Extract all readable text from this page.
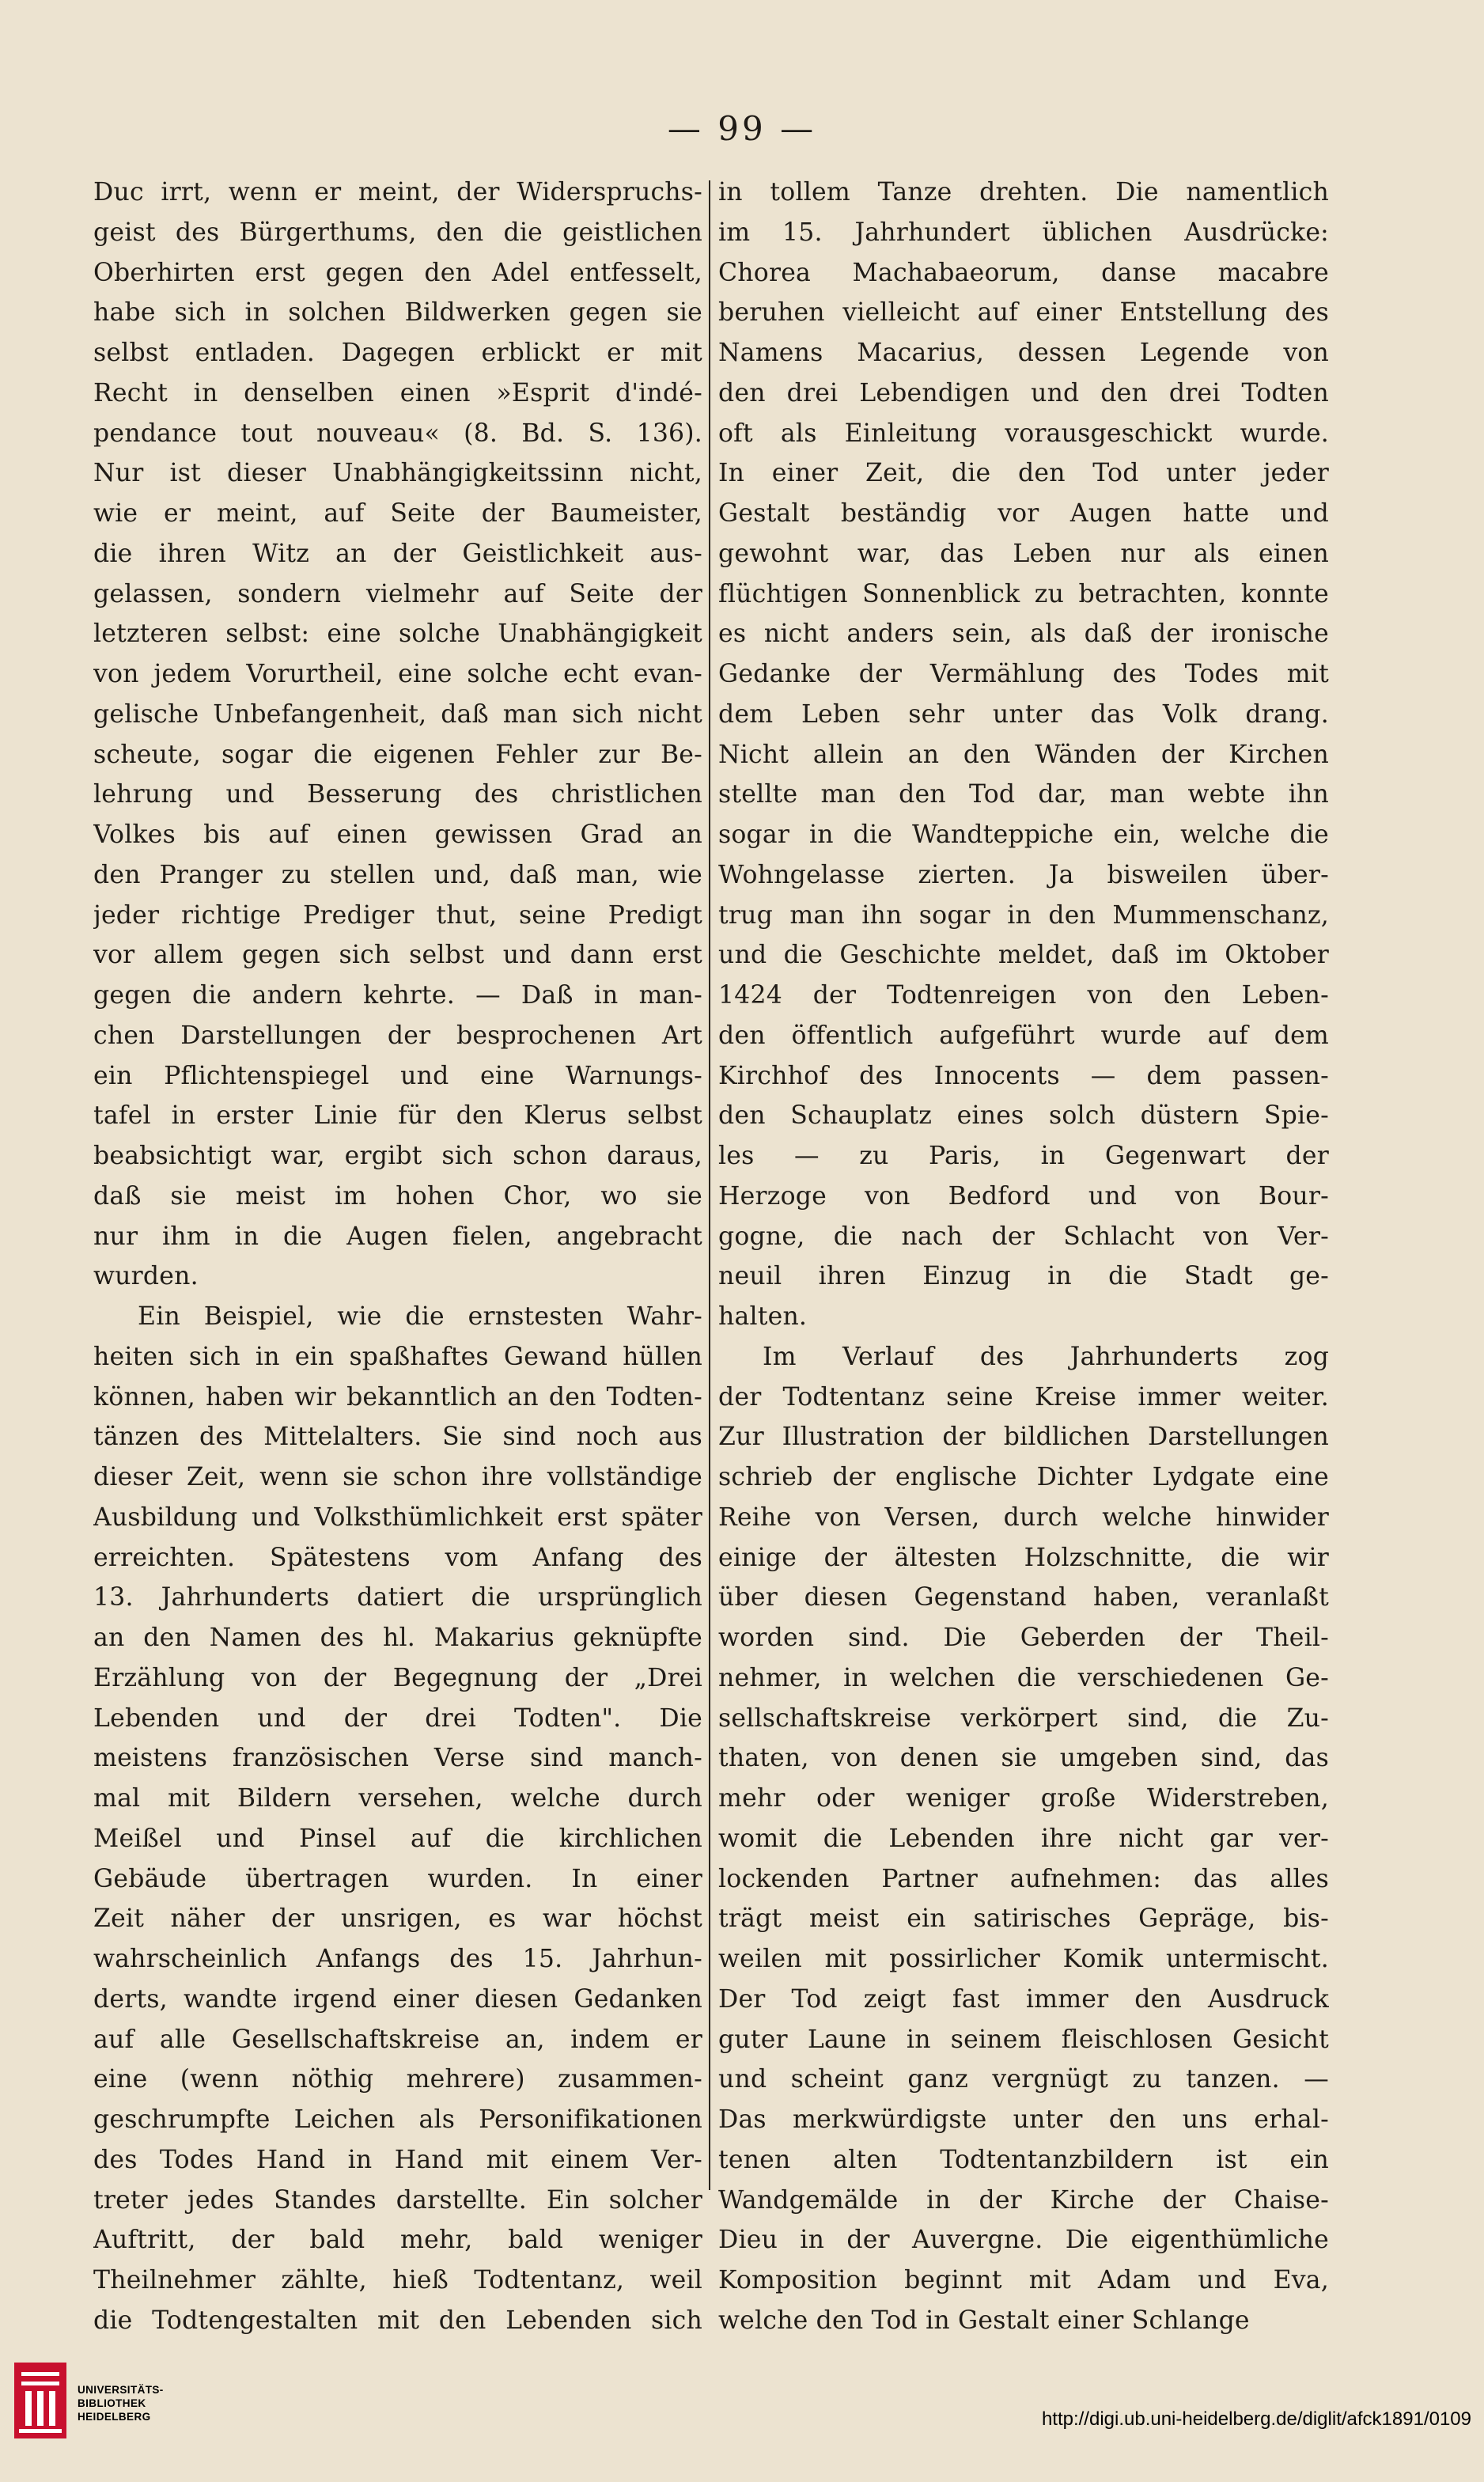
— 99 —
Duc irrt, wenn er meint, der Widerspruchs-
geist des Bürgerthums, den die geistlichen
Oberhirten erst gegen den Adel entfesselt,
habe sich in solchen Bildwerken gegen sie
selbst entladen. Dagegen erblickt er mit
Recht in denselben einen »Esprit d'indé-
pendance tout nouveau« (8. Bd. S. 136).
Nur ist dieser Unabhängigkeitssinn nicht,
wie er meint, auf Seite der Baumeister,
die ihren Witz an der Geistlichkeit aus-
gelassen, sondern vielmehr auf Seite der
letzteren selbst: eine solche Unabhängigkeit
von jedem Vorurtheil, eine solche echt evan-
gelische Unbefangenheit, daß man sich nicht
scheute, sogar die eigenen Fehler zur Be-
lehrung und Besserung des christlichen
Volkes bis auf einen gewissen Grad an
den Pranger zu stellen und, daß man, wie
jeder richtige Prediger thut, seine Predigt
vor allem gegen sich selbst und dann erst
gegen die andern kehrte. — Daß in man-
chen Darstellungen der besprochenen Art
ein Pflichtenspiegel und eine Warnungs-
tafel in erster Linie für den Klerus selbst
beabsichtigt war, ergibt sich schon daraus,
daß sie meist im hohen Chor, wo sie
nur ihm in die Augen fielen, angebracht
wurden.
Ein Beispiel, wie die ernstesten Wahr-
heiten sich in ein spaßhaftes Gewand hüllen
können, haben wir bekanntlich an den Todten-
tänzen des Mittelalters. Sie sind noch aus
dieser Zeit, wenn sie schon ihre vollständige
Ausbildung und Volksthümlichkeit erst später
erreichten. Spätestens vom Anfang des
13. Jahrhunderts datiert die ursprünglich
an den Namen des hl. Makarius geknüpfte
Erzählung von der Begegnung der „Drei
Lebenden und der drei Todten". Die
meistens französischen Verse sind manch-
mal mit Bildern versehen, welche durch
Meißel und Pinsel auf die kirchlichen
Gebäude übertragen wurden. In einer
Zeit näher der unsrigen, es war höchst
wahrscheinlich Anfangs des 15. Jahrhun-
derts, wandte irgend einer diesen Gedanken
auf alle Gesellschaftskreise an, indem er
eine (wenn nöthig mehrere) zusammen-
geschrumpfte Leichen als Personifikationen
des Todes Hand in Hand mit einem Ver-
treter jedes Standes darstellte. Ein solcher
Auftritt, der bald mehr, bald weniger
Theilnehmer zählte, hieß Todtentanz, weil
die Todtengestalten mit den Lebenden sich
in tollem Tanze drehten. Die namentlich
im 15. Jahrhundert üblichen Ausdrücke:
Chorea Machabaeorum, danse macabre
beruhen vielleicht auf einer Entstellung des
Namens Macarius, dessen Legende von
den drei Lebendigen und den drei Todten
oft als Einleitung vorausgeschickt wurde.
In einer Zeit, die den Tod unter jeder
Gestalt beständig vor Augen hatte und
gewohnt war, das Leben nur als einen
flüchtigen Sonnenblick zu betrachten, konnte
es nicht anders sein, als daß der ironische
Gedanke der Vermählung des Todes mit
dem Leben sehr unter das Volk drang.
Nicht allein an den Wänden der Kirchen
stellte man den Tod dar, man webte ihn
sogar in die Wandteppiche ein, welche die
Wohngelasse zierten. Ja bisweilen über-
trug man ihn sogar in den Mummenschanz,
und die Geschichte meldet, daß im Oktober
1424 der Todtenreigen von den Leben-
den öffentlich aufgeführt wurde auf dem
Kirchhof des Innocents — dem passen-
den Schauplatz eines solch düstern Spie-
les — zu Paris, in Gegenwart der
Herzoge von Bedford und von Bour-
gogne, die nach der Schlacht von Ver-
neuil ihren Einzug in die Stadt ge-
halten.
Im Verlauf des Jahrhunderts zog
der Todtentanz seine Kreise immer weiter.
Zur Illustration der bildlichen Darstellungen
schrieb der englische Dichter Lydgate eine
Reihe von Versen, durch welche hinwider
einige der ältesten Holzschnitte, die wir
über diesen Gegenstand haben, veranlaßt
worden sind. Die Geberden der Theil-
nehmer, in welchen die verschiedenen Ge-
sellschaftskreise verkörpert sind, die Zu-
thaten, von denen sie umgeben sind, das
mehr oder weniger große Widerstreben,
womit die Lebenden ihre nicht gar ver-
lockenden Partner aufnehmen: das alles
trägt meist ein satirisches Gepräge, bis-
weilen mit possirlicher Komik untermischt.
Der Tod zeigt fast immer den Ausdruck
guter Laune in seinem fleischlosen Gesicht
und scheint ganz vergnügt zu tanzen. —
Das merkwürdigste unter den uns erhal-
tenen alten Todtentanzbildern ist ein
Wandgemälde in der Kirche der Chaise-
Dieu in der Auvergne. Die eigenthümliche
Komposition beginnt mit Adam und Eva,
welche den Tod in Gestalt einer Schlange
UNIVERSITÄTS-
BIBLIOTHEK
HEIDELBERG	http://digi.ub.uni-heidelberg.de/diglit/afck1891/0109
